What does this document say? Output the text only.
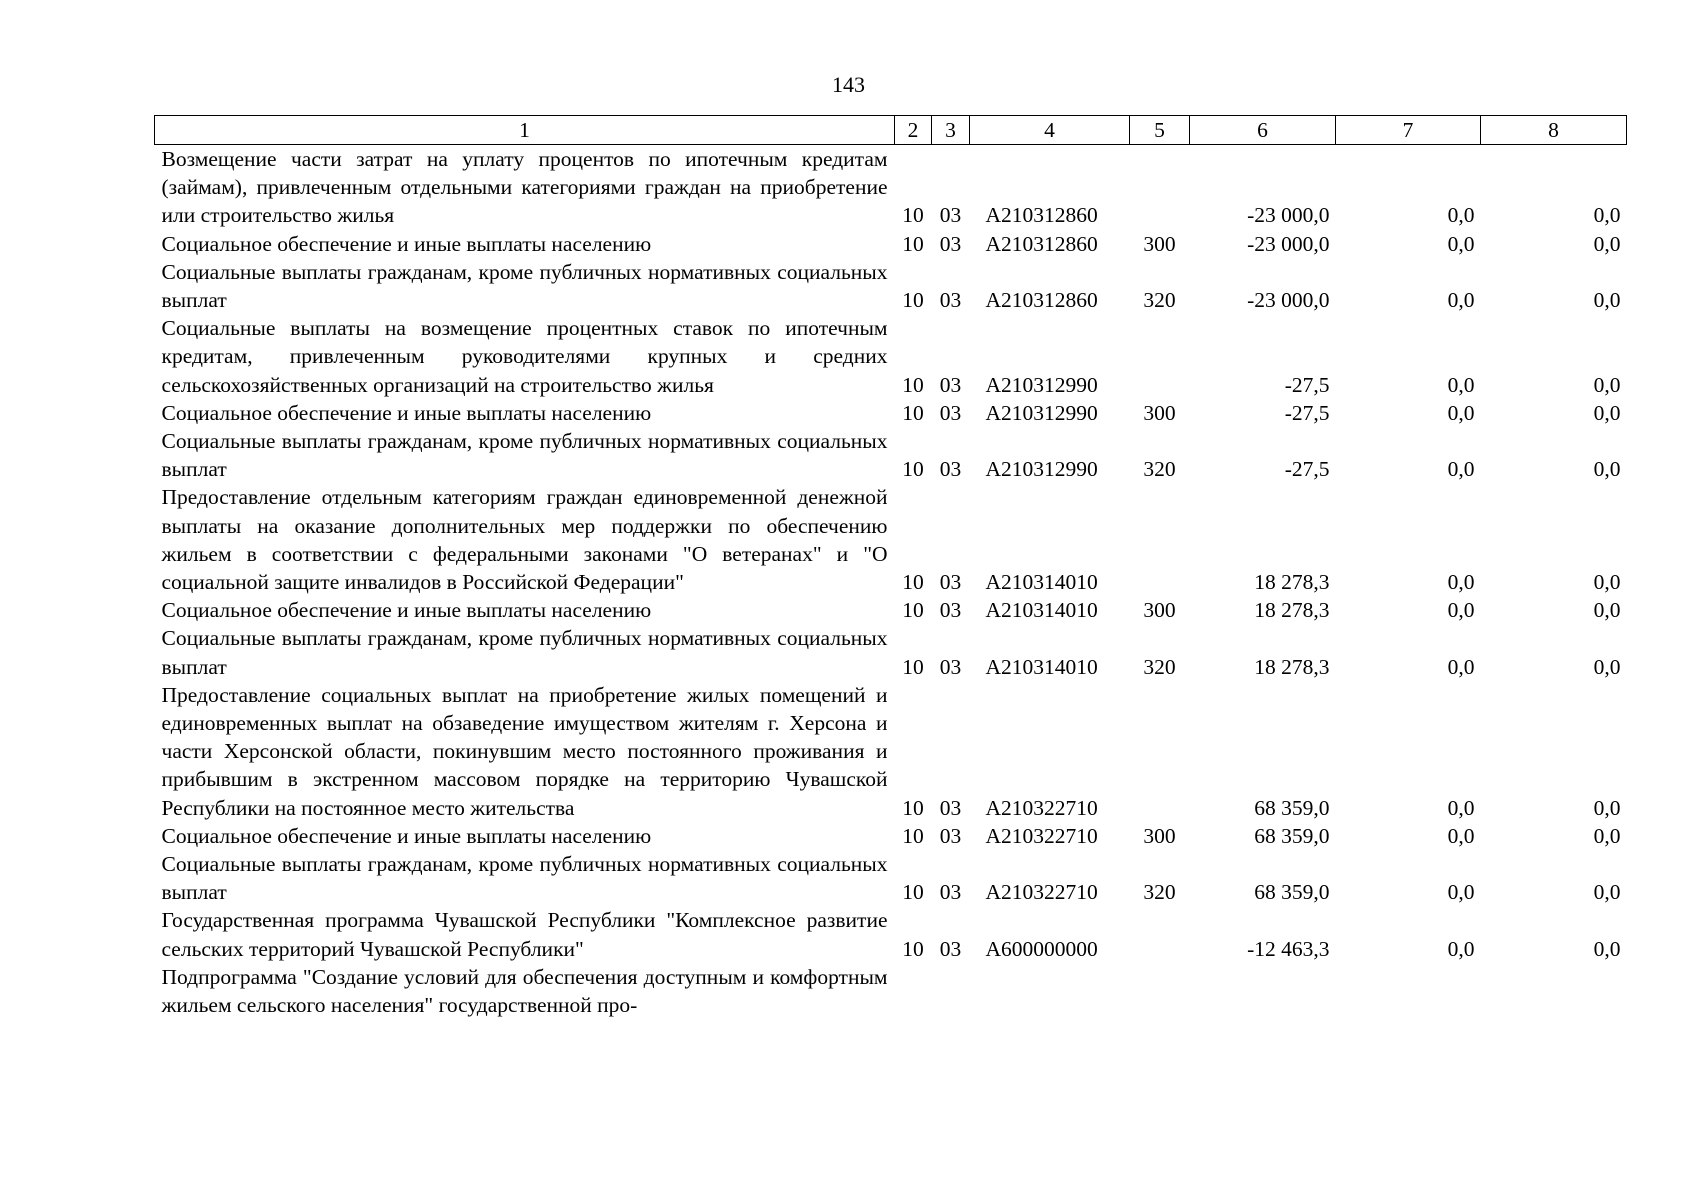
143
1	2	3	4	5	6	7	8
Возмещение части затрат на уплату процентов по ипотечным кредитам (займам), привлеченным отдельными категориями граждан на приобретение или строительство жилья	10	03	А210312860		-23 000,0	0,0	0,0
Социальное обеспечение и иные выплаты населению	10	03	А210312860	300	-23 000,0	0,0	0,0
Социальные выплаты гражданам, кроме публичных нормативных социальных выплат	10	03	А210312860	320	-23 000,0	0,0	0,0
Социальные выплаты на возмещение процентных ставок по ипотечным кредитам, привлеченным руководителями крупных и средних сельскохозяйственных организаций на строительство жилья	10	03	А210312990		-27,5	0,0	0,0
Социальное обеспечение и иные выплаты населению	10	03	А210312990	300	-27,5	0,0	0,0
Социальные выплаты гражданам, кроме публичных нормативных социальных выплат	10	03	А210312990	320	-27,5	0,0	0,0
Предоставление отдельным категориям граждан единовременной денежной выплаты на оказание дополнительных мер поддержки по обеспечению жильем в соответствии с федеральными законами "О ветеранах" и "О социальной защите инвалидов в Российской Федерации"	10	03	А210314010		18 278,3	0,0	0,0
Социальное обеспечение и иные выплаты населению	10	03	А210314010	300	18 278,3	0,0	0,0
Социальные выплаты гражданам, кроме публичных нормативных социальных выплат	10	03	А210314010	320	18 278,3	0,0	0,0
Предоставление социальных выплат на приобретение жилых помещений и единовременных выплат на обзаведение имуществом жителям г. Херсона и части Херсонской области, покинувшим место постоянного проживания и прибывшим в экстренном массовом порядке на территорию Чувашской Республики на постоянное место жительства	10	03	А210322710		68 359,0	0,0	0,0
Социальное обеспечение и иные выплаты населению	10	03	А210322710	300	68 359,0	0,0	0,0
Социальные выплаты гражданам, кроме публичных нормативных социальных выплат	10	03	А210322710	320	68 359,0	0,0	0,0
Государственная программа Чувашской Республики "Комплексное развитие сельских территорий Чувашской Республики"	10	03	А600000000		-12 463,3	0,0	0,0
Подпрограмма "Создание условий для обеспечения доступным и комфортным жильем сельского населения" государственной про-							
